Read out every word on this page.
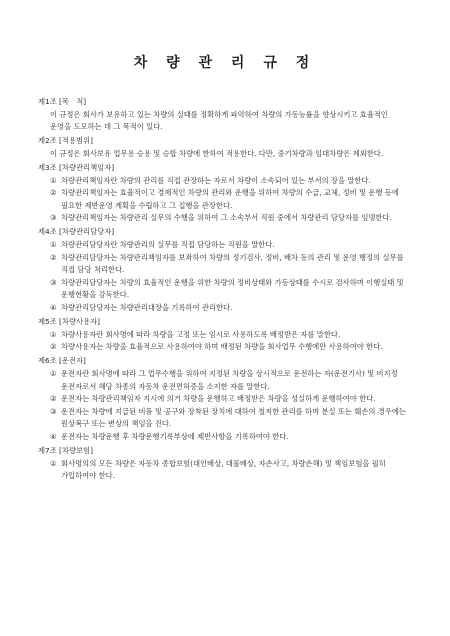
차 량 관 리 규 정

제1조 [목　적]

이 규정은 회사가 보유하고 있는 차량의 실태를 정확하게 파악하여 차량의 가동능률을 향상시키고 효율적인 운영을 도모하는 데 그 목적이 있다.

제2조 [적용범위]

이 규정은 회사보유 업무용 승용 및 승합 차량에 한하여 적용한다. 다만, 중기차량과 임대차량은 제외한다.

제3조 [차량관리책임자]

① 차량관리책임자란 차량의 관리를 직접 관장하는 자로서 차량이 소속되어 있는 부서의 장을 말한다.
② 차량관리책임자는 효율적이고 경제적인 차량의 관리와 운행을 위하여 차량의 수급, 교체, 정비 및 운행 등에 필요한 제반운영 계획을 수립하고 그 집행을 관장한다.
③ 차량관리책임자는 차량관리 실무의 수행을 위하여 그 소속부서 직원 중에서 차량관리 담당자를 임명한다.

제4조 [차량관리담당자]

① 차량관리담당자란 차량관리의 실무를 직접 담당하는 직원을 말한다.
② 차량관리담당자는 차량관리책임자를 보좌하여 차량의 정기검사, 정비, 배차 등의 관리 및 운영 행정의 실무를 직접 담당 처리한다.
③ 차량관리담당자는 차량의 효율적인 운행을 위한 차량의 정비상태와 가동상태를 수시로 검사하며 이행실태 및 운행현황을 감독한다.
④ 차량관리담당자는 차량관리대장을 기록하여 관리한다.

제5조 [차량사용자]

① 차량사용자란 회사명에 따라 차량을 고정 또는 임시로 사용하도록 배정받은 자를 말한다.
② 차량사용자는 차량을 효율적으로 사용하여야 하며 배정된 차량을 회사업무 수행에만 사용하여야 한다.

제6조 [운전자]

① 운전자란 회사명에 따라 그 업무수행을 위하여 지정된 차량을 상시적으로 운전하는 자(운전기사) 및 비지정 운전자로서 해당 차종의 자동차 운전면허증을 소지한 자를 말한다.
② 운전자는 차량관리책임자 지시에 의거 차량을 운행하고 배정받은 차량을 성실하게 운행하여야 한다.
③ 운전자는 차량에 지급된 비품 및 공구와 장착된 장치에 대하여 철저한 관리를 하며 분실 또는 훼손의 경우에는 원상복구 또는 변상의 책임을 진다.
④ 운전자는 차량운행 후 차량운행기록부상에 제반사항을 기록하여야 한다.

제7조 [차량보험]

① 회사명의의 모든 차량은 자동차 종합보험(대인배상, 대물배상, 자손사고, 차량손해) 및 책임보험을 필히 가입하여야 한다.
